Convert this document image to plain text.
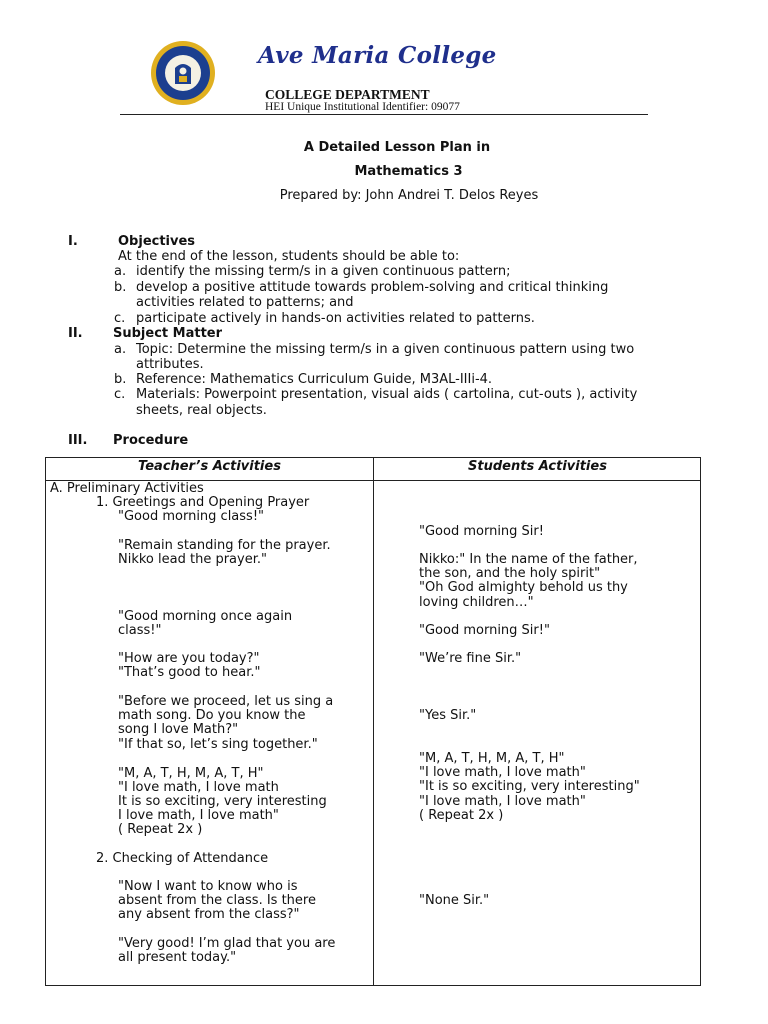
Ave Maria College
COLLEGE DEPARTMENT
HEI Unique Institutional Identifier: 09077
A Detailed Lesson Plan in
Mathematics 3
Prepared by: John Andrei T. Delos Reyes
I.	Objectives
At the end of the lesson, students should be able to:
a. identify the missing term/s in a given continuous pattern;
b. develop a positive attitude towards problem-solving and critical thinking
activities related to patterns; and
c. participate actively in hands-on activities related to patterns.
II. Subject Matter
a. Topic: Determine the missing term/s in a given continuous pattern using two
attributes.
b. Reference: Mathematics Curriculum Guide, M3AL-IIIi-4.
c. Materials: Powerpoint presentation, visual aids ( cartolina, cut-outs ), activity
sheets, real objects.
III. Procedure
Teacher’s Activities	Students Activities
A. Preliminary Activities
1. Greetings and Opening Prayer
"Good morning class!"
"Remain standing for the prayer.
Nikko lead the prayer."
"Good morning once again
class!"
"How are you today?"
"That’s good to hear."
"Before we proceed, let us sing a
math song. Do you know the
song I love Math?"
"If that so, let’s sing together."
"M, A, T, H, M, A, T, H"
"I love math, I love math
It is so exciting, very interesting
I love math, I love math"
( Repeat 2x )
2. Checking of Attendance
"Now I want to know who is
absent from the class. Is there
any absent from the class?"
"Very good! I’m glad that you are
all present today."
"Good morning Sir!
Nikko:" In the name of the father,
the son, and the holy spirit"
"Oh God almighty behold us thy
loving children…"
"Good morning Sir!"
"We’re fine Sir."
"Yes Sir."
"M, A, T, H, M, A, T, H"
"I love math, I love math"
"It is so exciting, very interesting"
"I love math, I love math"
( Repeat 2x )
"None Sir."
